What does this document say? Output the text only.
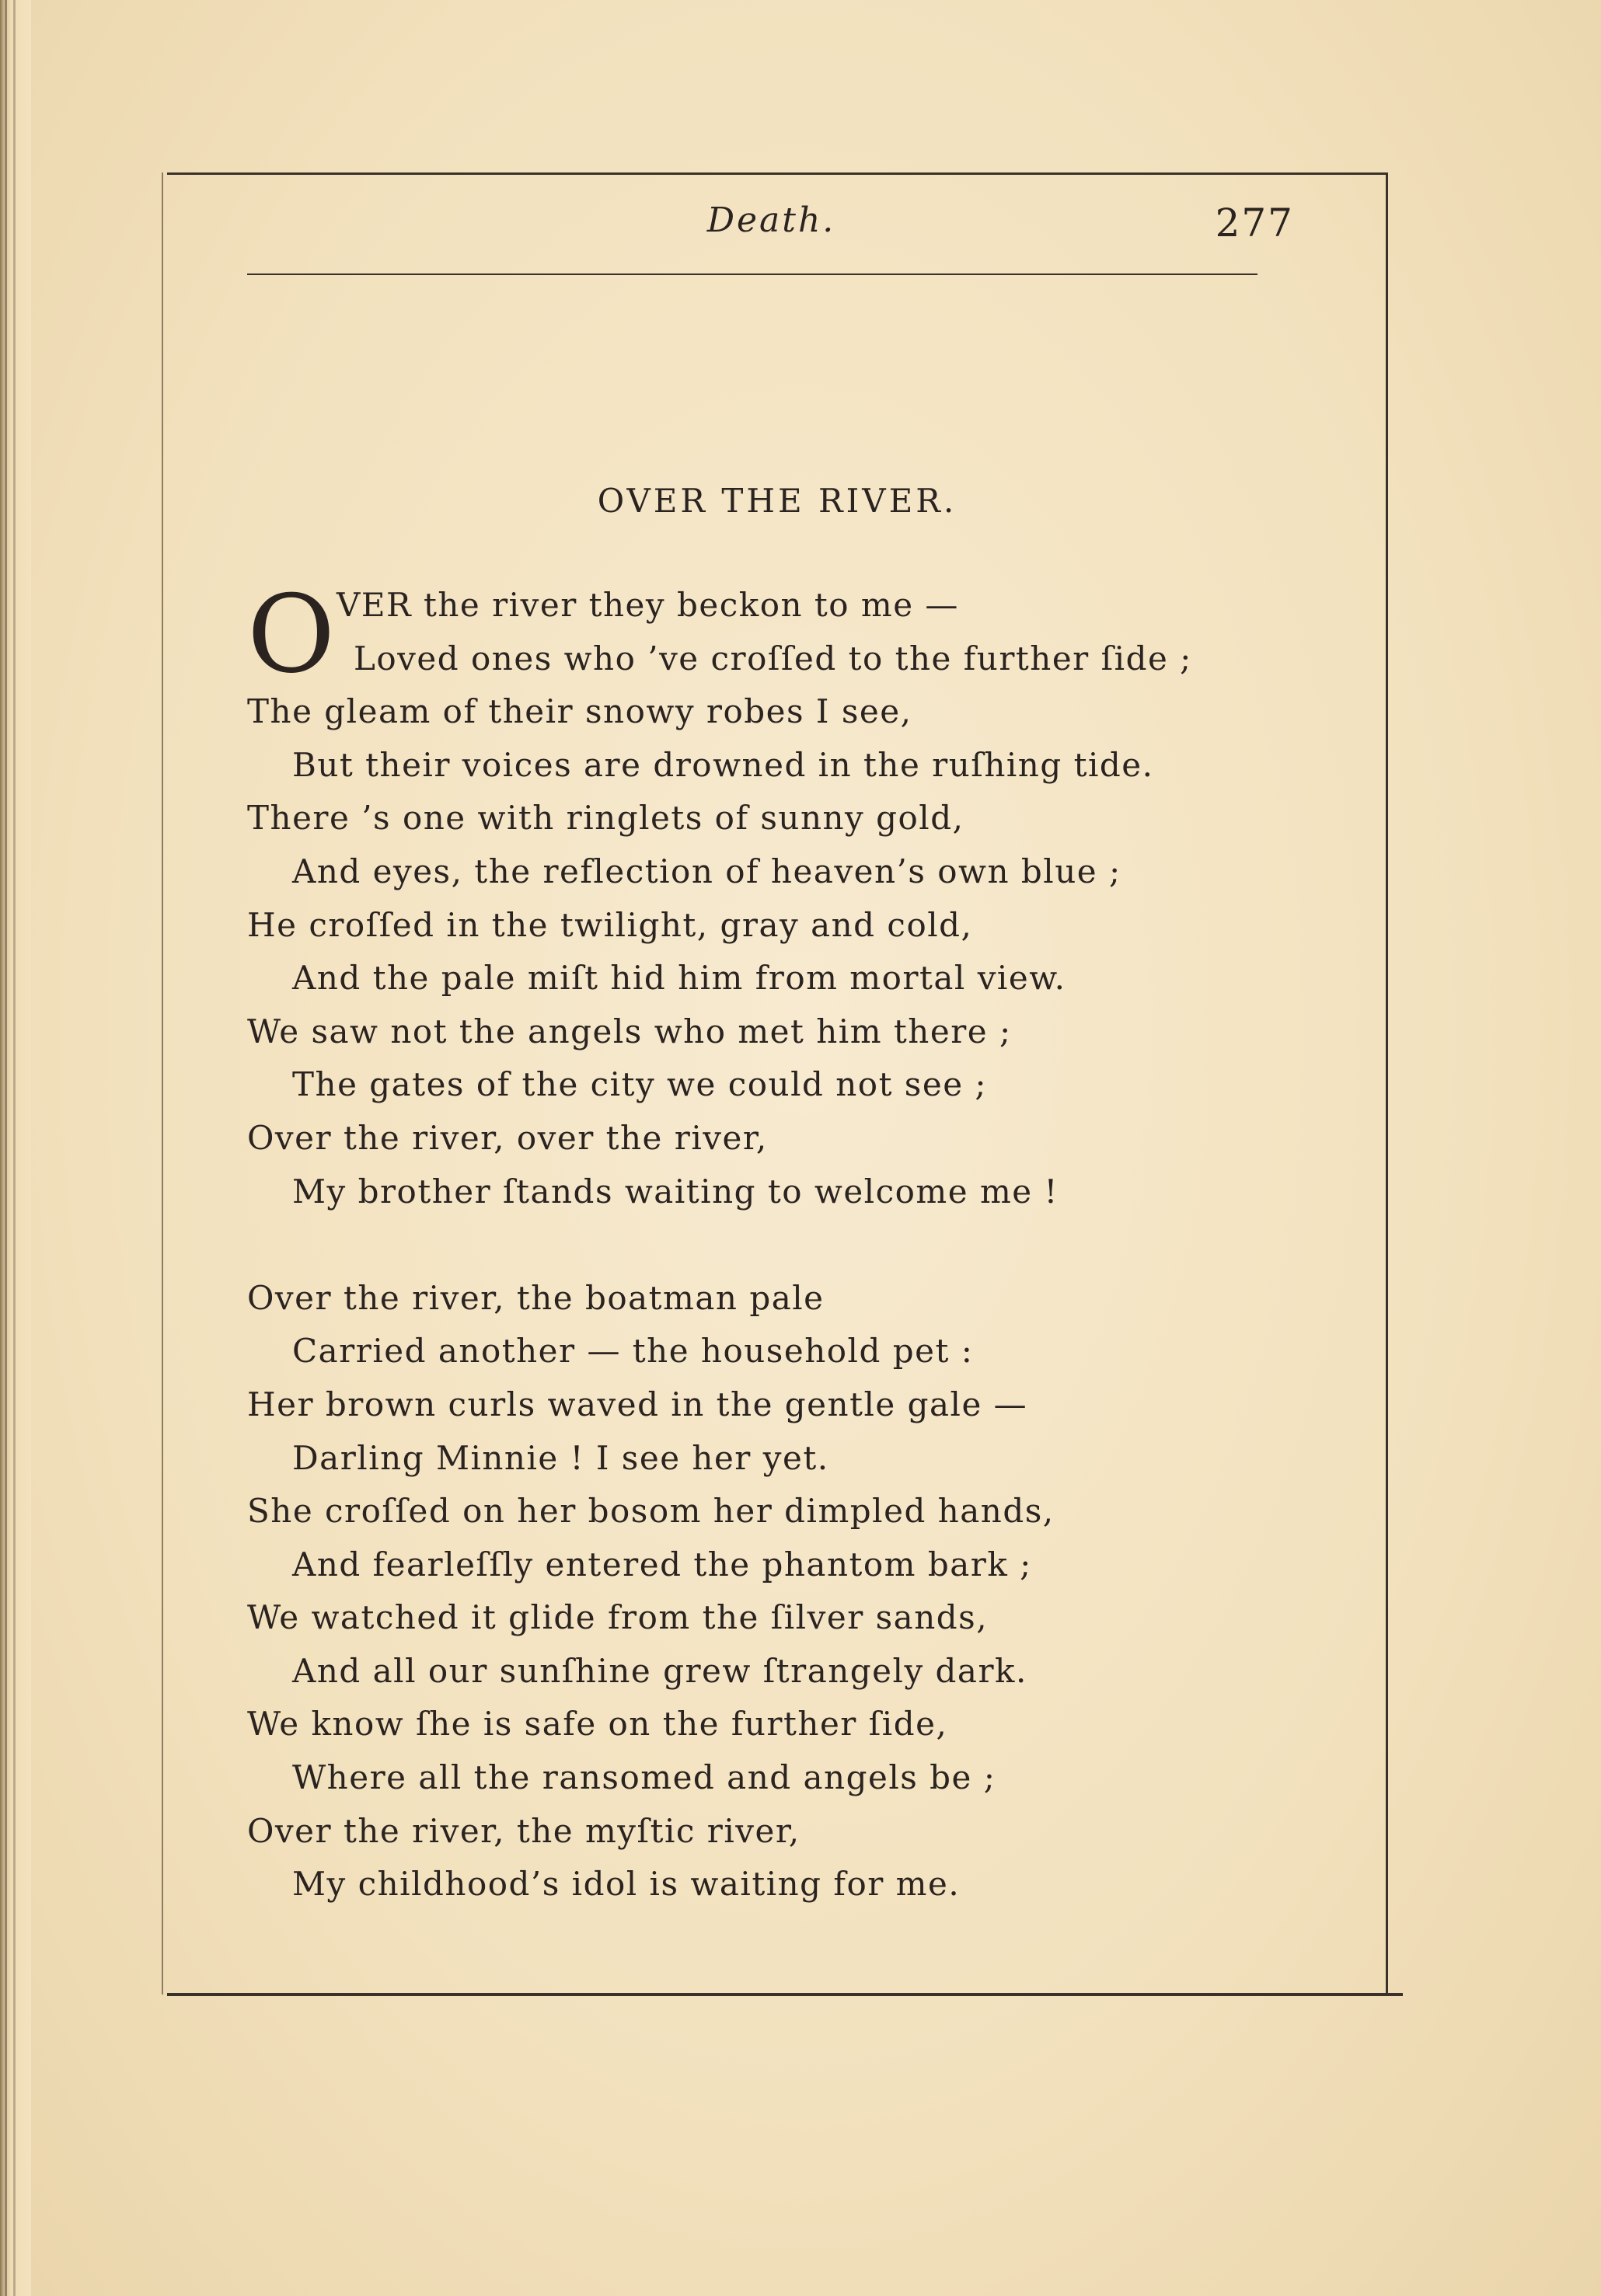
Death.	277
OVER THE RIVER.
O VER the river they beckon to me —
Loved ones who ’ve croſſed to the further ſide ;
The gleam of their snowy robes I see,
But their voices are drowned in the ruſhing tide.
There ’s one with ringlets of sunny gold,
And eyes, the reflection of heaven’s own blue ;
He croſſed in the twilight, gray and cold,
And the pale miſt hid him from mortal view.
We saw not the angels who met him there ;
The gates of the city we could not see ;
Over the river, over the river,
My brother ſtands waiting to welcome me !
Over the river, the boatman pale
Carried another — the household pet :
Her brown curls waved in the gentle gale —
Darling Minnie ! I see her yet.
She croſſed on her bosom her dimpled hands,
And fearleſſly entered the phantom bark ;
We watched it glide from the ſilver sands,
And all our sunſhine grew ſtrangely dark.
We know ſhe is safe on the further ſide,
Where all the ransomed and angels be ;
Over the river, the myſtic river,
My childhood’s idol is waiting for me.
